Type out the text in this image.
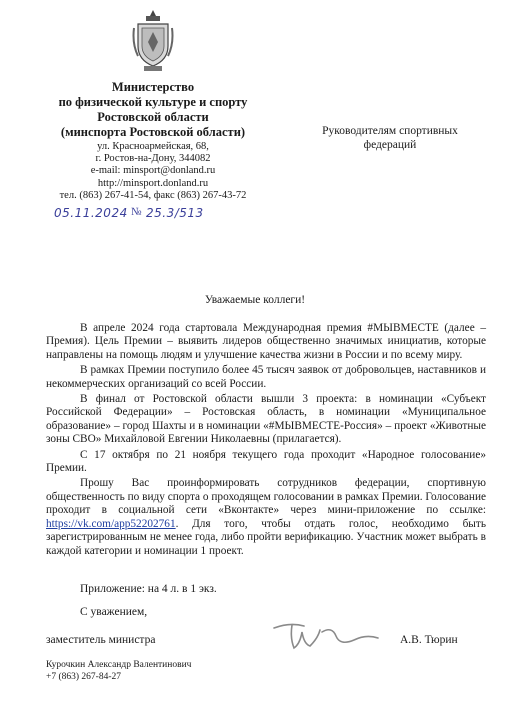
Министерство
по физической культуре и спорту
Ростовской области
(минспорта Ростовской области)
ул. Красноармейская, 68,
г. Ростов-на-Дону, 344082
e-mail: minsport@donland.ru
http://minsport.donland.ru
тел. (863) 267-41-54, факс (863) 267-43-72
05.11.2024 № 25.3/513
Руководителям спортивных федераций
Уважаемые коллеги!

В апреле 2024 года стартовала Международная премия #МЫВМЕСТЕ (далее – Премия). Цель Премии – выявить лидеров общественно значимых инициатив, которые направлены на помощь людям и улучшение качества жизни в России и по всему миру.

В рамках Премии поступило более 45 тысяч заявок от добровольцев, наставников и некоммерческих организаций со всей России.

В финал от Ростовской области вышли 3 проекта: в номинации «Субъект Российской Федерации» – Ростовская область, в номинации «Муниципальное образование» – город Шахты и в номинации «#МЫВМЕСТЕ-Россия» – проект «Животные зоны СВО» Михайловой Евгении Николаевны (прилагается).

С 17 октября по 21 ноября текущего года проходит «Народное голосование» Премии.

Прошу Вас проинформировать сотрудников федерации, спортивную общественность по виду спорта о проходящем голосовании в рамках Премии. Голосование проходит в социальной сети «Вконтакте» через мини-приложение по ссылке: https://vk.com/app52202761. Для того, чтобы отдать голос, необходимо быть зарегистрированным не менее года, либо пройти верификацию. Участник может выбрать в каждой категории и номинации 1 проект.

Приложение: на 4 л. в 1 экз.
С уважением,
заместитель министра	А.В. Тюрин
Курочкин Александр Валентинович
+7 (863) 267-84-27
